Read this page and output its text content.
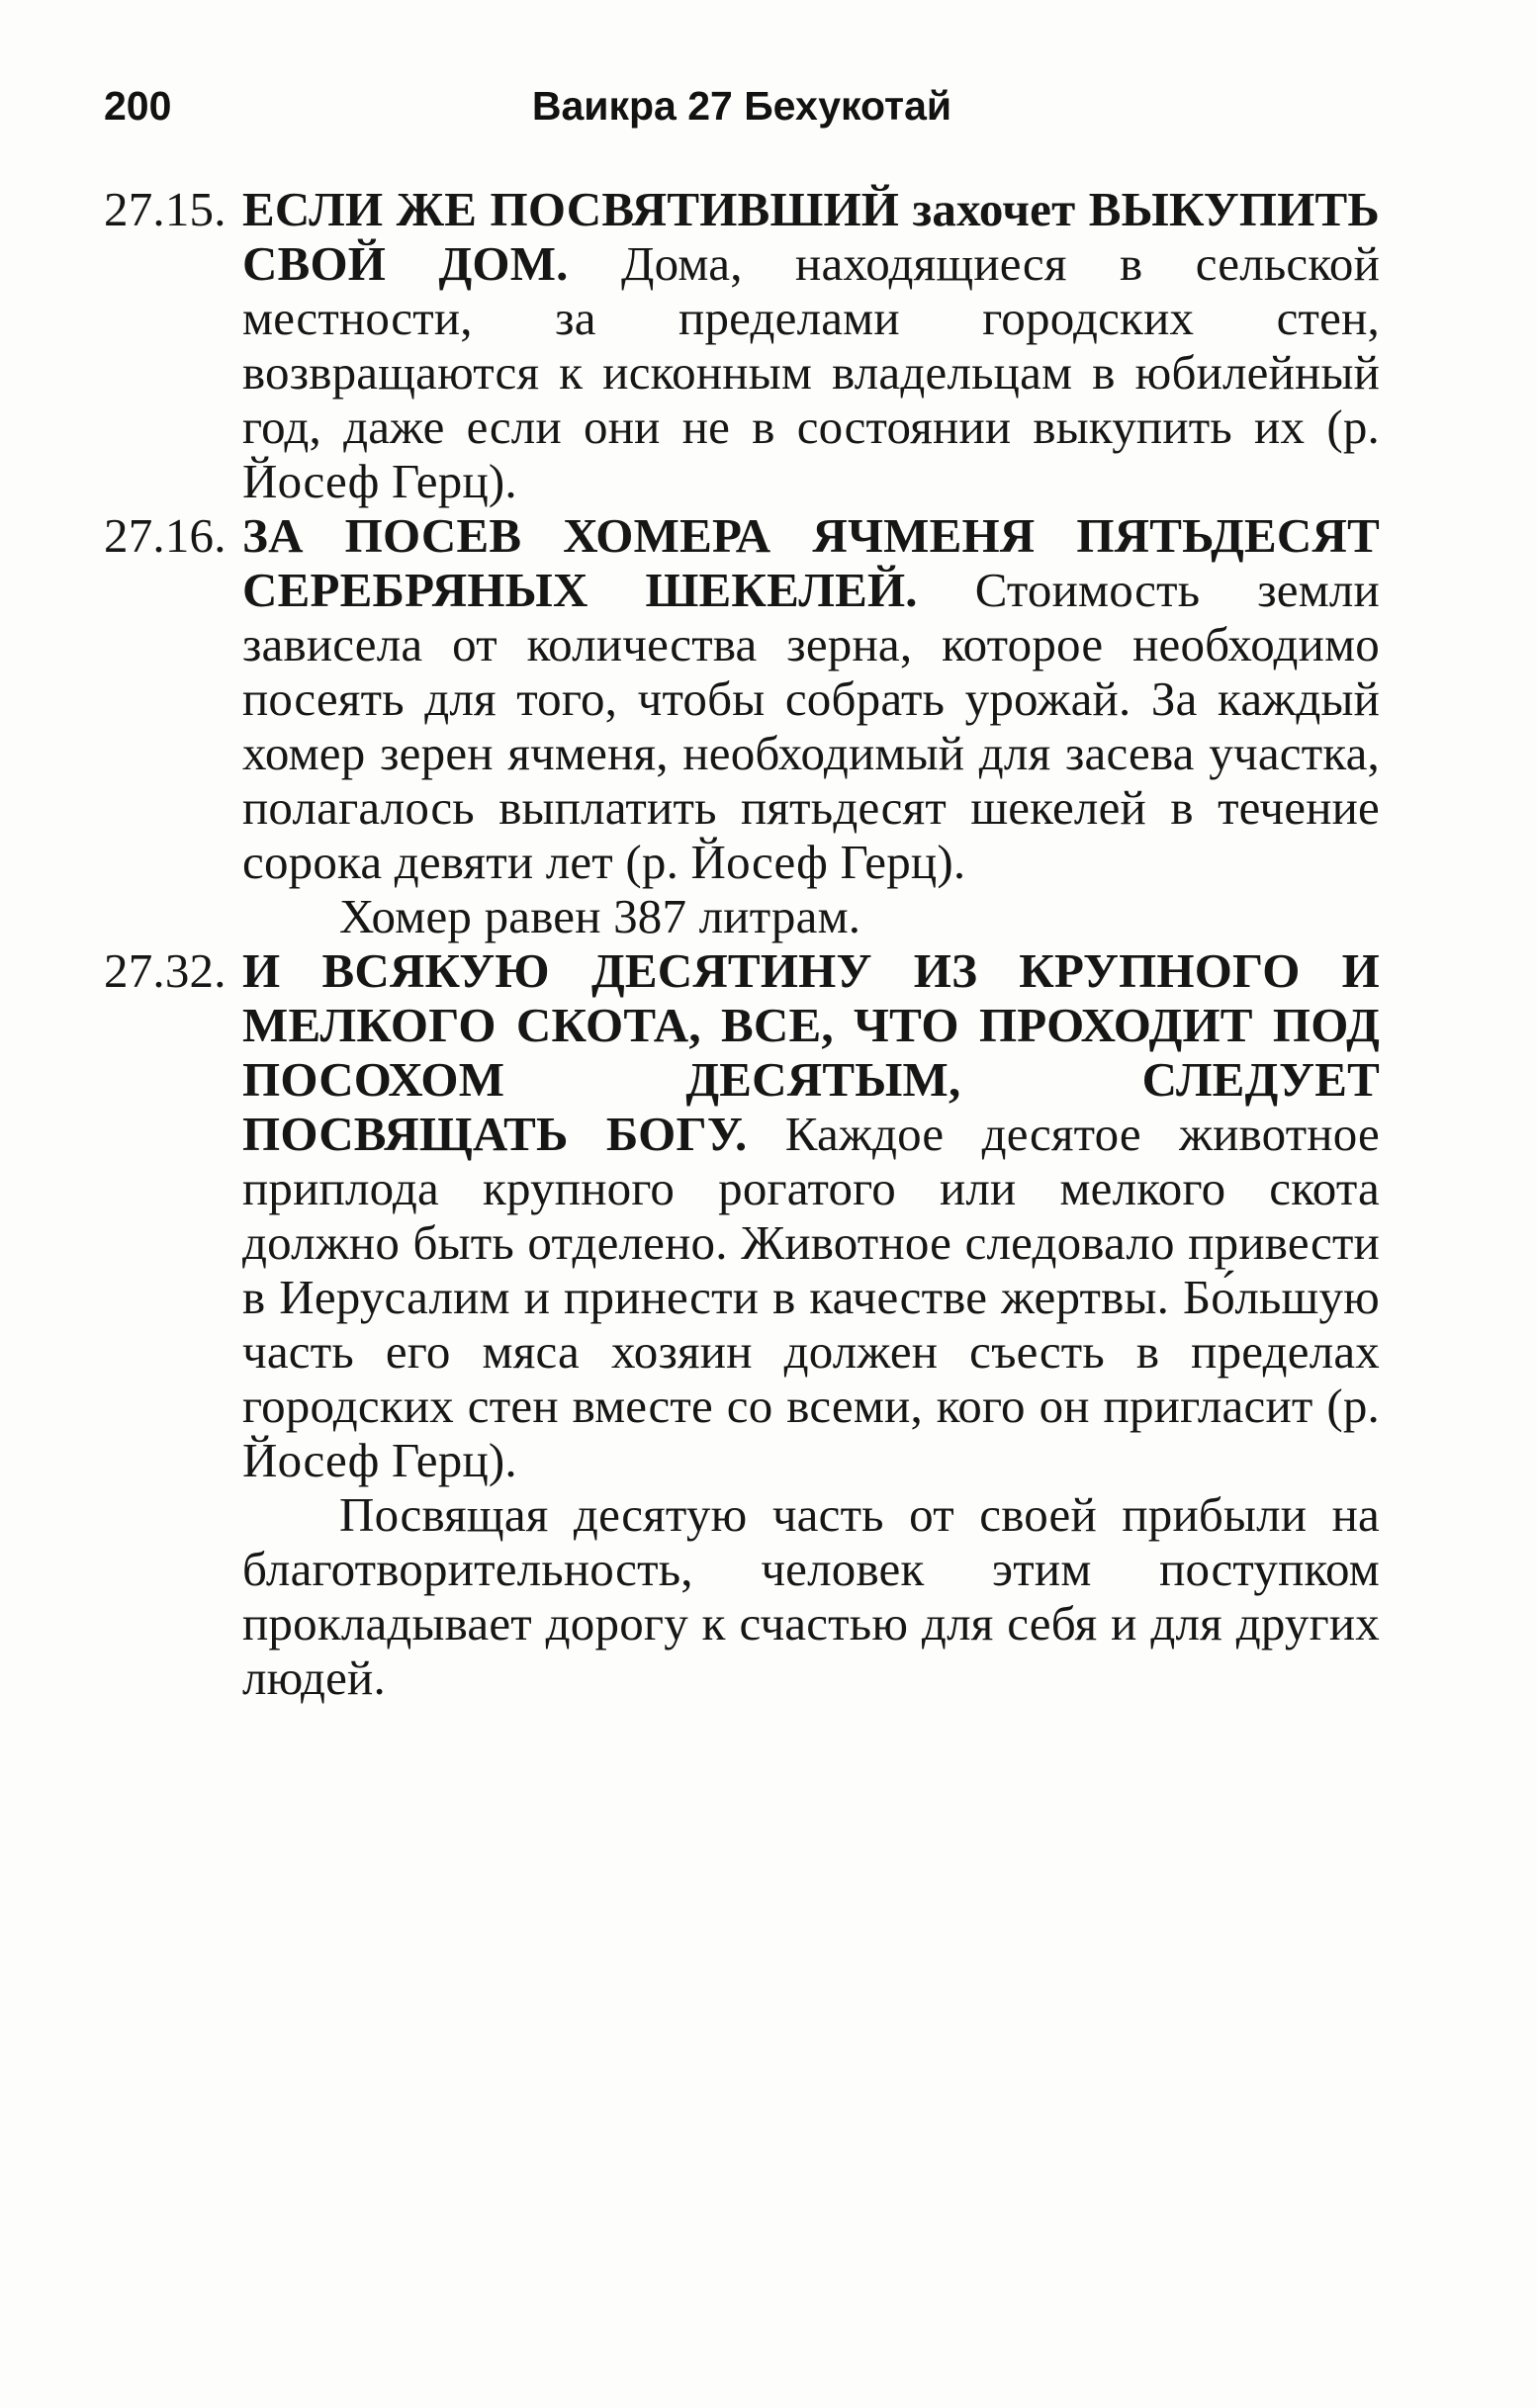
200	Ваикра 27 Бехукотай

27.15. ЕСЛИ ЖЕ ПОСВЯТИВШИЙ захочет ВЫКУПИТЬ СВОЙ ДОМ. Дома, находящиеся в сельской местности, за пределами городских стен, возвращаются к исконным владельцам в юбилейный год, даже если они не в состоянии выкупить их (р. Йосеф Герц).

27.16. ЗА ПОСЕВ ХОМЕРА ЯЧМЕНЯ ПЯТЬДЕСЯТ СЕРЕБРЯНЫХ ШЕКЕЛЕЙ. Стоимость земли зависела от количества зерна, которое необходимо посеять для того, чтобы собрать урожай. За каждый хомер зерен ячменя, необходимый для засева участка, полагалось выплатить пятьдесят шекелей в течение сорока девяти лет (р. Йосеф Герц).

Хомер равен 387 литрам.

27.32. И ВСЯКУЮ ДЕСЯТИНУ ИЗ КРУПНОГО И МЕЛКОГО СКОТА, ВСЕ, ЧТО ПРОХОДИТ ПОД ПОСОХОМ ДЕСЯТЫМ, СЛЕДУЕТ ПОСВЯЩАТЬ БОГУ. Каждое десятое животное приплода крупного рогатого или мелкого скота должно быть отделено. Животное следовало привести в Иерусалим и принести в качестве жертвы. Бо́льшую часть его мяса хозяин должен съесть в пределах городских стен вместе со всеми, кого он пригласит (р. Йосеф Герц).

Посвящая десятую часть от своей прибыли на благотворительность, человек этим поступком прокладывает дорогу к счастью для себя и для других людей.
